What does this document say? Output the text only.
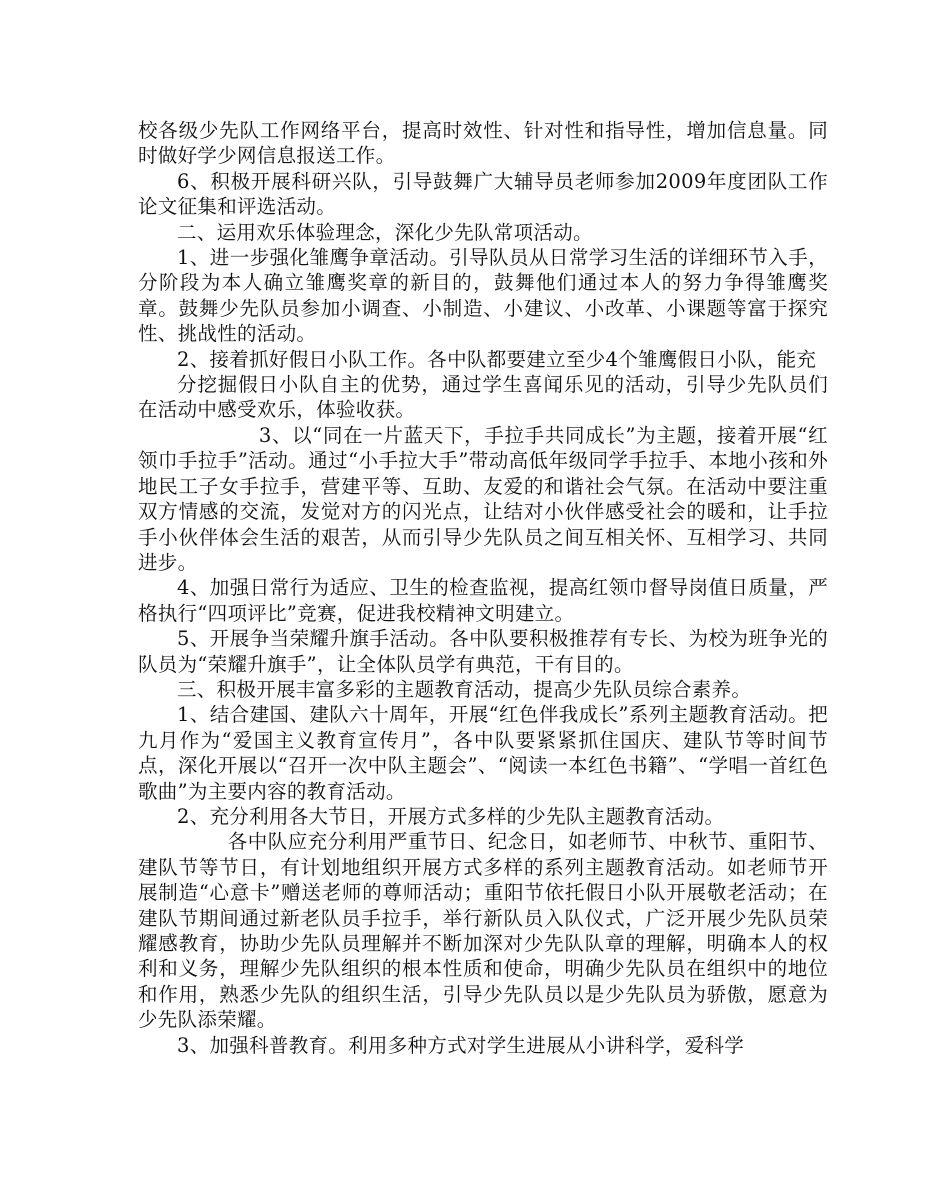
校各级少先队工作网络平台，提高时效性、针对性和指导性，增加信息量。同时做好学少网信息报送工作。

6、积极开展科研兴队，引导鼓舞广大辅导员老师参加2009年度团队工作论文征集和评选活动。

二、运用欢乐体验理念，深化少先队常项活动。

1、进一步强化雏鹰争章活动。引导队员从日常学习生活的详细环节入手，分阶段为本人确立雏鹰奖章的新目的，鼓舞他们通过本人的努力争得雏鹰奖章。鼓舞少先队员参加小调查、小制造、小建议、小改革、小课题等富于探究性、挑战性的活动。

2、接着抓好假日小队工作。各中队都要建立至少4个雏鹰假日小队，能充

分挖掘假日小队自主的优势，通过学生喜闻乐见的活动，引导少先队员们在活动中感受欢乐，体验收获。

3、以“同在一片蓝天下，手拉手共同成长”为主题，接着开展“红领巾手拉手”活动。通过“小手拉大手”带动高低年级同学手拉手、本地小孩和外地民工子女手拉手，营建平等、互助、友爱的和谐社会气氛。在活动中要注重双方情感的交流，发觉对方的闪光点，让结对小伙伴感受社会的暖和，让手拉手小伙伴体会生活的艰苦，从而引导少先队员之间互相关怀、互相学习、共同进步。

4、加强日常行为适应、卫生的检查监视，提高红领巾督导岗值日质量，严格执行“四项评比”竞赛，促进我校精神文明建立。

5、开展争当荣耀升旗手活动。各中队要积极推荐有专长、为校为班争光的队员为“荣耀升旗手”，让全体队员学有典范，干有目的。

三、积极开展丰富多彩的主题教育活动，提高少先队员综合素养。

1、结合建国、建队六十周年，开展“红色伴我成长”系列主题教育活动。把九月作为“爱国主义教育宣传月”，各中队要紧紧抓住国庆、建队节等时间节点，深化开展以“召开一次中队主题会”、“阅读一本红色书籍”、“学唱一首红色歌曲”为主要内容的教育活动。

2、充分利用各大节日，开展方式多样的少先队主题教育活动。

各中队应充分利用严重节日、纪念日，如老师节、中秋节、重阳节、建队节等节日，有计划地组织开展方式多样的系列主题教育活动。如老师节开展制造“心意卡”赠送老师的尊师活动；重阳节依托假日小队开展敬老活动；在建队节期间通过新老队员手拉手，举行新队员入队仪式，广泛开展少先队员荣耀感教育，协助少先队员理解并不断加深对少先队队章的理解，明确本人的权利和义务，理解少先队组织的根本性质和使命，明确少先队员在组织中的地位和作用，熟悉少先队的组织生活，引导少先队员以是少先队员为骄傲，愿意为少先队添荣耀。

3、加强科普教育。利用多种方式对学生进展从小讲科学，爱科学
